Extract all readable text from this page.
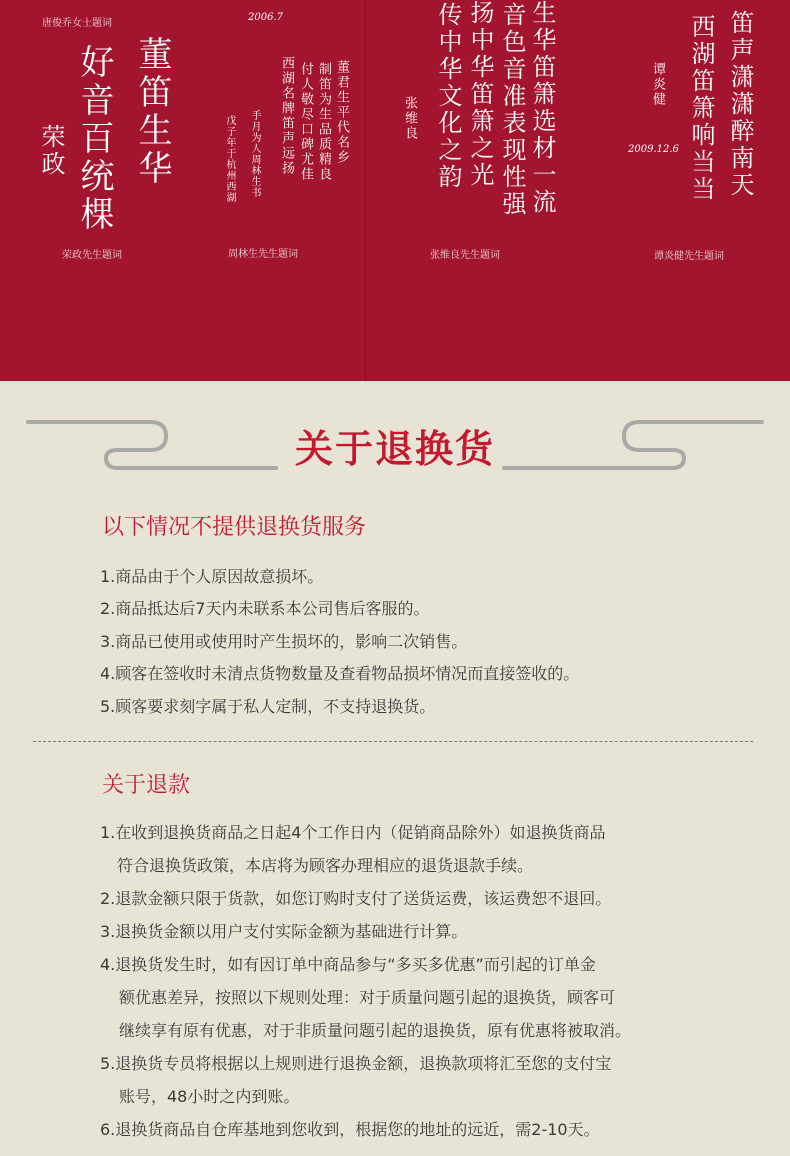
唐俊乔女士题词
2006.7
董笛生华
好音百统棵
荣政
荣政先生题词
董君生平代名乡
制笛为生品质精良
付人敬尽口碑尤佳
西湖名牌笛声远扬
手月为人周林生书
戊子年于杭州西湖
周林生先生题词
生华笛箫选材一流
音色音准表现性强
扬中华笛箫之光
传中华文化之韵
张维良
张维良先生题词
笛声潇潇醉南天
西湖笛箫响当当
谭炎健
2009.12.6
谭炎健先生题词
关于退换货
以下情况不提供退换货服务
1.商品由于个人原因故意损坏。
2.商品抵达后7天内未联系本公司售后客服的。
3.商品已使用或使用时产生损坏的，影响二次销售。
4.顾客在签收时未清点货物数量及查看物品损坏情况而直接签收的。
5.顾客要求刻字属于私人定制，不支持退换货。
关于退款
1.在收到退换货商品之日起4个工作日内（促销商品除外）如退换货商品
符合退换货政策，本店将为顾客办理相应的退货退款手续。
2.退款金额只限于货款，如您订购时支付了送货运费，该运费恕不退回。
3.退换货金额以用户支付实际金额为基础进行计算。
4.退换货发生时，如有因订单中商品参与“多买多优惠”而引起的订单金
额优惠差异，按照以下规则处理：对于质量问题引起的退换货，顾客可
继续享有原有优惠，对于非质量问题引起的退换货，原有优惠将被取消。
5.退换货专员将根据以上规则进行退换金额，退换款项将汇至您的支付宝
账号，48小时之内到账。
6.退换货商品自仓库基地到您收到，根据您的地址的远近，需2-10天。
